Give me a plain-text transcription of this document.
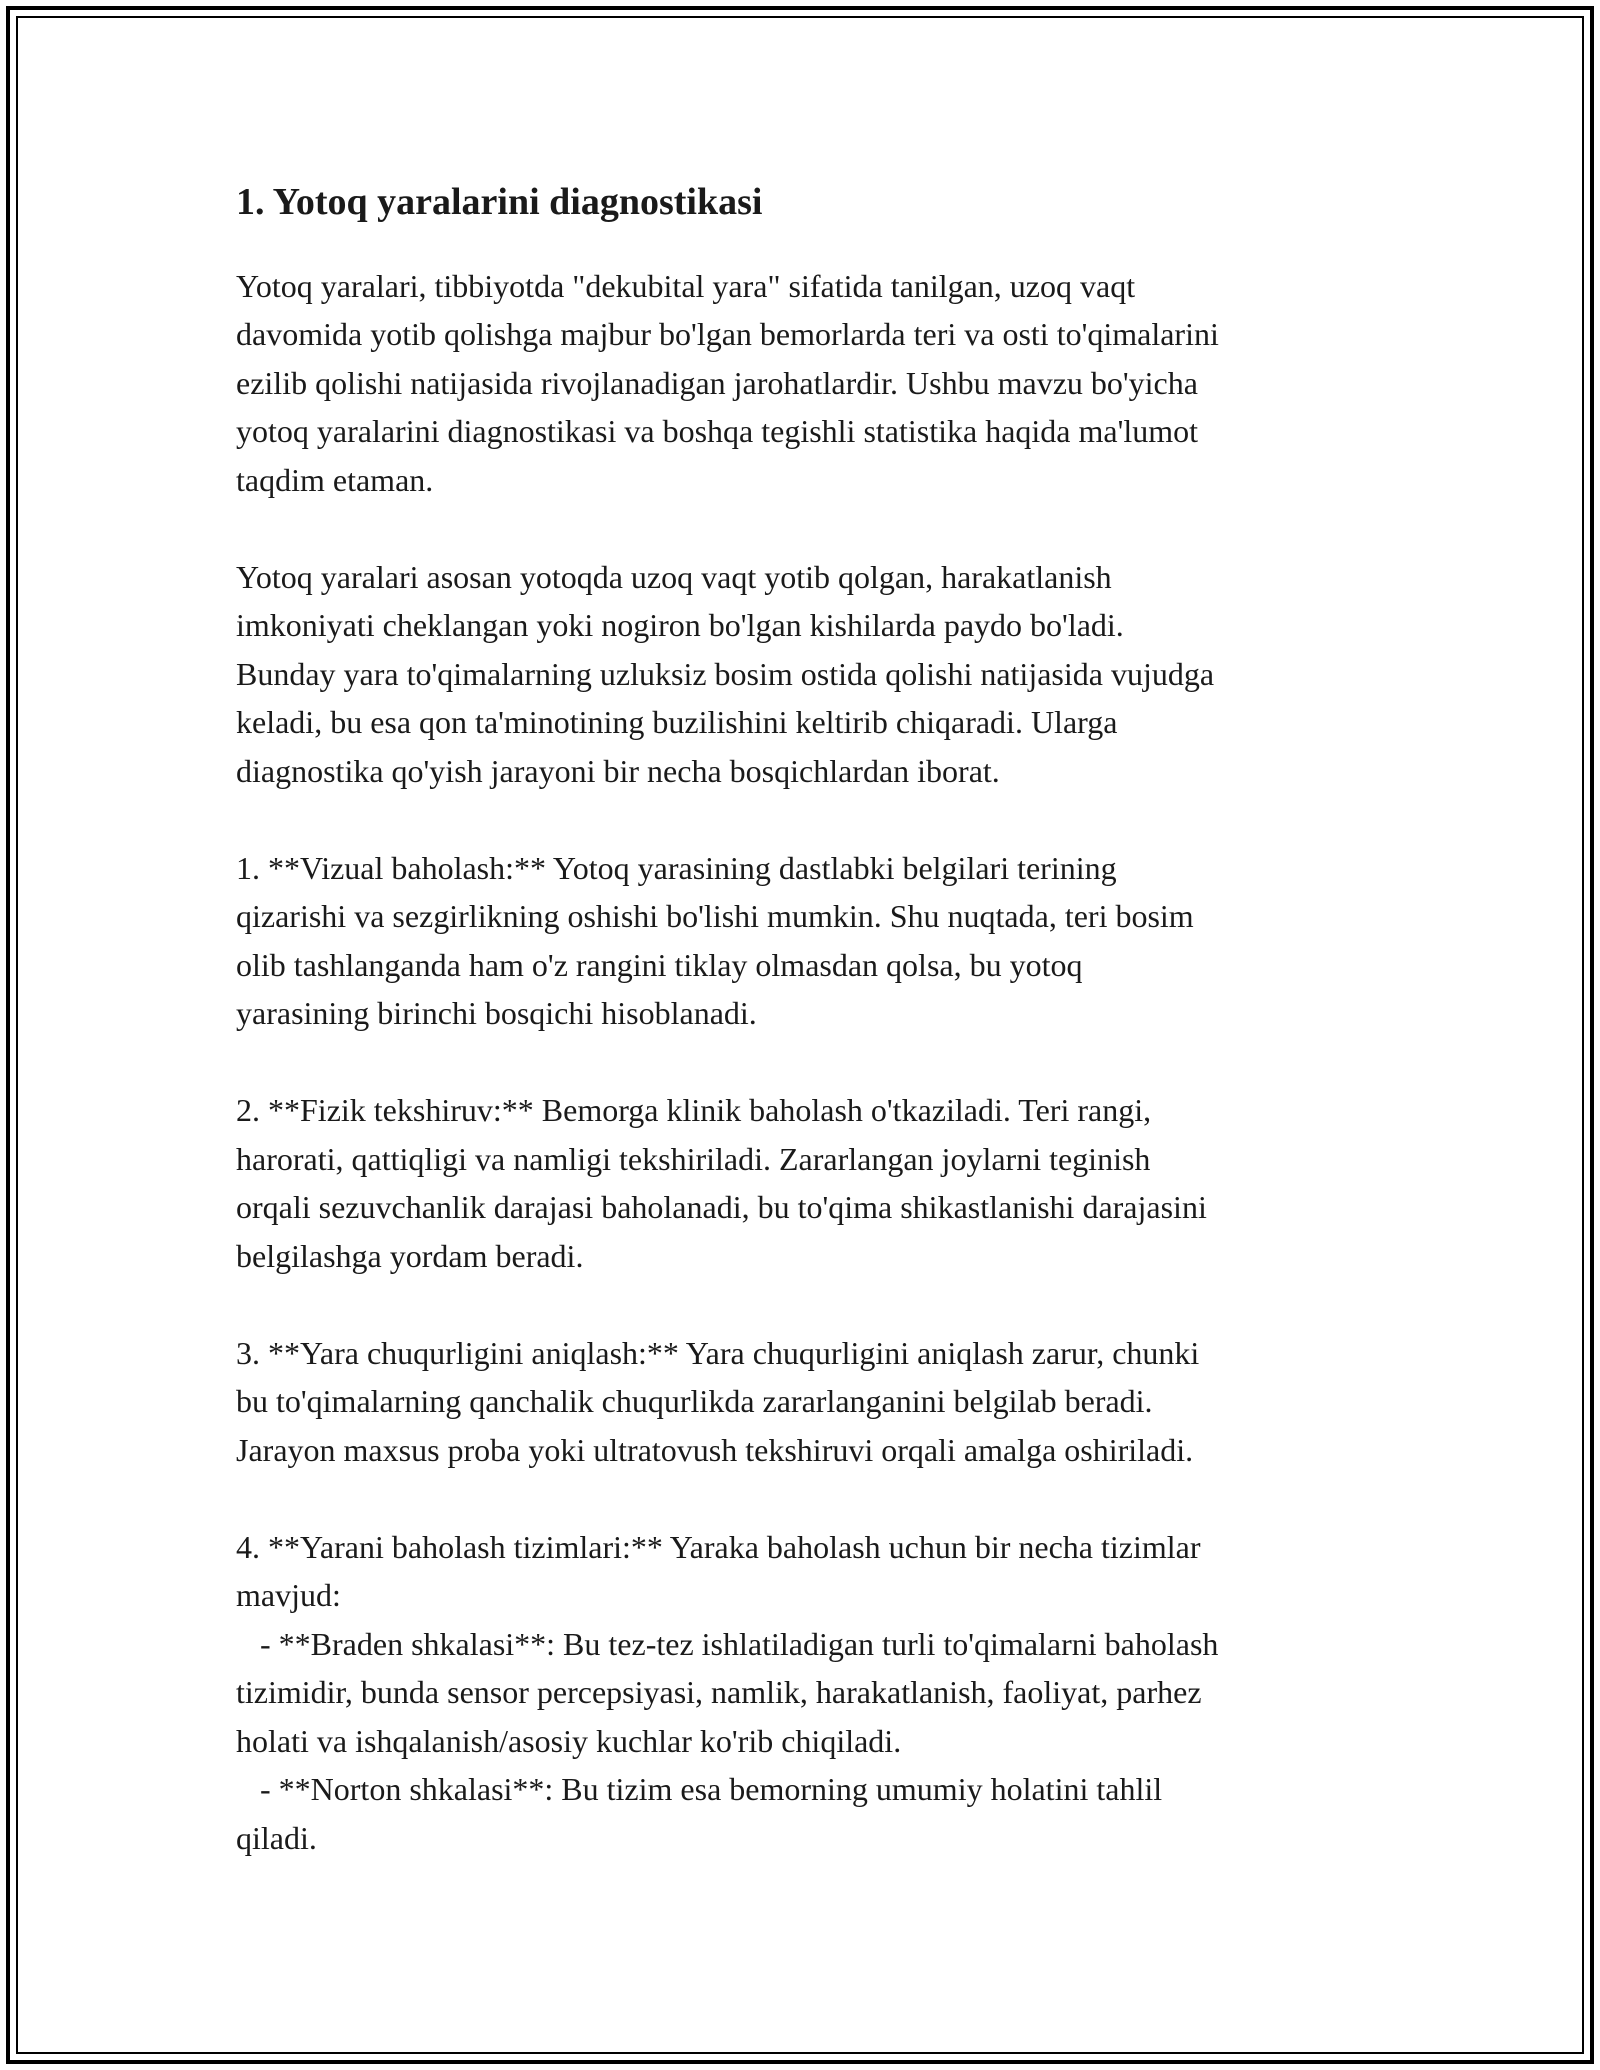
1. Yotoq yaralarini diagnostikasi
Yotoq yaralari, tibbiyotda "dekubital yara" sifatida tanilgan, uzoq vaqt
davomida yotib qolishga majbur bo'lgan bemorlarda teri va osti to'qimalarini
ezilib qolishi natijasida rivojlanadigan jarohatlardir. Ushbu mavzu bo'yicha
yotoq yaralarini diagnostikasi va boshqa tegishli statistika haqida ma'lumot
taqdim etaman.
Yotoq yaralari asosan yotoqda uzoq vaqt yotib qolgan, harakatlanish
imkoniyati cheklangan yoki nogiron bo'lgan kishilarda paydo bo'ladi.
Bunday yara to'qimalarning uzluksiz bosim ostida qolishi natijasida vujudga
keladi, bu esa qon ta'minotining buzilishini keltirib chiqaradi. Ularga
diagnostika qo'yish jarayoni bir necha bosqichlardan iborat.
1. **Vizual baholash:** Yotoq yarasining dastlabki belgilari terining
qizarishi va sezgirlikning oshishi bo'lishi mumkin. Shu nuqtada, teri bosim
olib tashlanganda ham o'z rangini tiklay olmasdan qolsa, bu yotoq
yarasining birinchi bosqichi hisoblanadi.
2. **Fizik tekshiruv:** Bemorga klinik baholash o'tkaziladi. Teri rangi,
harorati, qattiqligi va namligi tekshiriladi. Zararlangan joylarni teginish
orqali sezuvchanlik darajasi baholanadi, bu to'qima shikastlanishi darajasini
belgilashga yordam beradi.
3. **Yara chuqurligini aniqlash:** Yara chuqurligini aniqlash zarur, chunki
bu to'qimalarning qanchalik chuqurlikda zararlanganini belgilab beradi.
Jarayon maxsus proba yoki ultratovush tekshiruvi orqali amalga oshiriladi.
4. **Yarani baholash tizimlari:** Yaraka baholash uchun bir necha tizimlar
mavjud:
- **Braden shkalasi**: Bu tez-tez ishlatiladigan turli to'qimalarni baholash
tizimidir, bunda sensor percepsiyasi, namlik, harakatlanish, faoliyat, parhez
holati va ishqalanish/asosiy kuchlar ko'rib chiqiladi.
- **Norton shkalasi**: Bu tizim esa bemorning umumiy holatini tahlil
qiladi.
